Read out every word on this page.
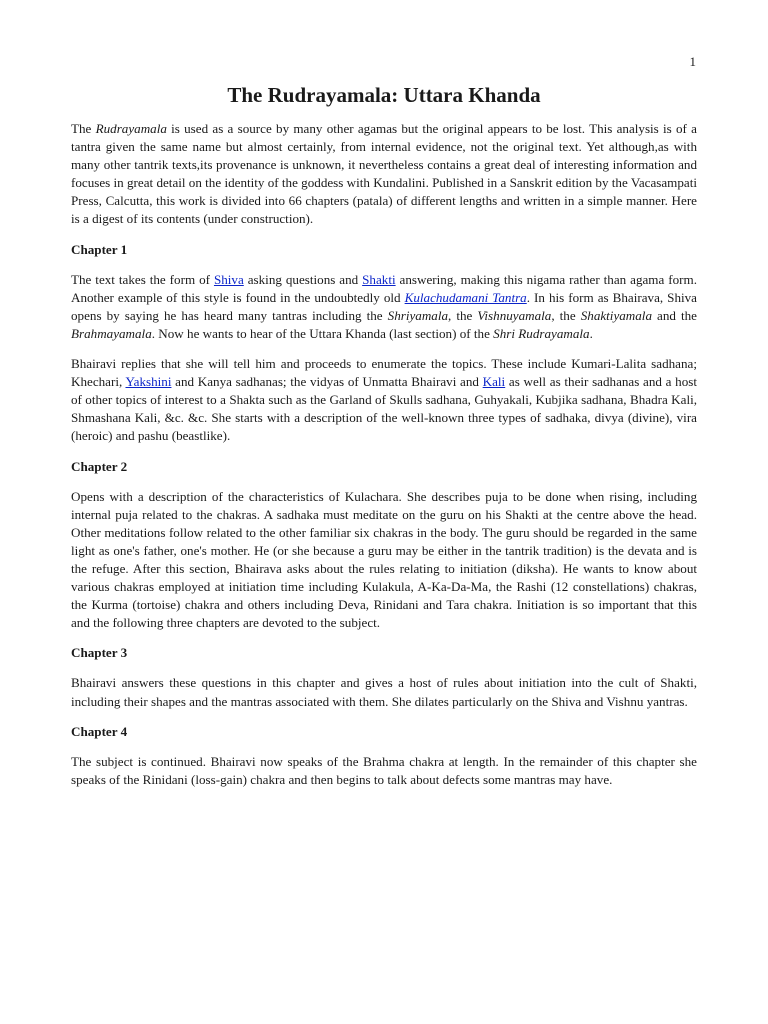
1
The Rudrayamala: Uttara Khanda

The Rudrayamala is used as a source by many other agamas but the original appears to be lost. This analysis is of a tantra given the same name but almost certainly, from internal evidence, not the original text. Yet although,as with many other tantrik texts,its provenance is unknown, it nevertheless contains a great deal of interesting information and focuses in great detail on the identity of the goddess with Kundalini. Published in a Sanskrit edition by the Vacasampati Press, Calcutta, this work is divided into 66 chapters (patala) of different lengths and written in a simple manner. Here is a digest of its contents (under construction).

Chapter 1

The text takes the form of Shiva asking questions and Shakti answering, making this nigama rather than agama form. Another example of this style is found in the undoubtedly old Kulachudamani Tantra. In his form as Bhairava, Shiva opens by saying he has heard many tantras including the Shriyamala, the Vishnuyamala, the Shaktiyamala and the Brahmayamala. Now he wants to hear of the Uttara Khanda (last section) of the Shri Rudrayamala.

Bhairavi replies that she will tell him and proceeds to enumerate the topics. These include Kumari-Lalita sadhana; Khechari, Yakshini and Kanya sadhanas; the vidyas of Unmatta Bhairavi and Kali as well as their sadhanas and a host of other topics of interest to a Shakta such as the Garland of Skulls sadhana, Guhyakali, Kubjika sadhana, Bhadra Kali, Shmashana Kali, &c. &c. She starts with a description of the well-known three types of sadhaka, divya (divine), vira (heroic) and pashu (beastlike).

Chapter 2

Opens with a description of the characteristics of Kulachara. She describes puja to be done when rising, including internal puja related to the chakras. A sadhaka must meditate on the guru on his Shakti at the centre above the head. Other meditations follow related to the other familiar six chakras in the body. The guru should be regarded in the same light as one's father, one's mother. He (or she because a guru may be either in the tantrik tradition) is the devata and is the refuge. After this section, Bhairava asks about the rules relating to initiation (diksha). He wants to know about various chakras employed at initiation time including Kulakula, A-Ka-Da-Ma, the Rashi (12 constellations) chakras, the Kurma (tortoise) chakra and others including Deva, Rinidani and Tara chakra. Initiation is so important that this and the following three chapters are devoted to the subject.

Chapter 3

Bhairavi answers these questions in this chapter and gives a host of rules about initiation into the cult of Shakti, including their shapes and the mantras associated with them. She dilates particularly on the Shiva and Vishnu yantras.

Chapter 4

The subject is continued. Bhairavi now speaks of the Brahma chakra at length. In the remainder of this chapter she speaks of the Rinidani (loss-gain) chakra and then begins to talk about defects some mantras may have.
